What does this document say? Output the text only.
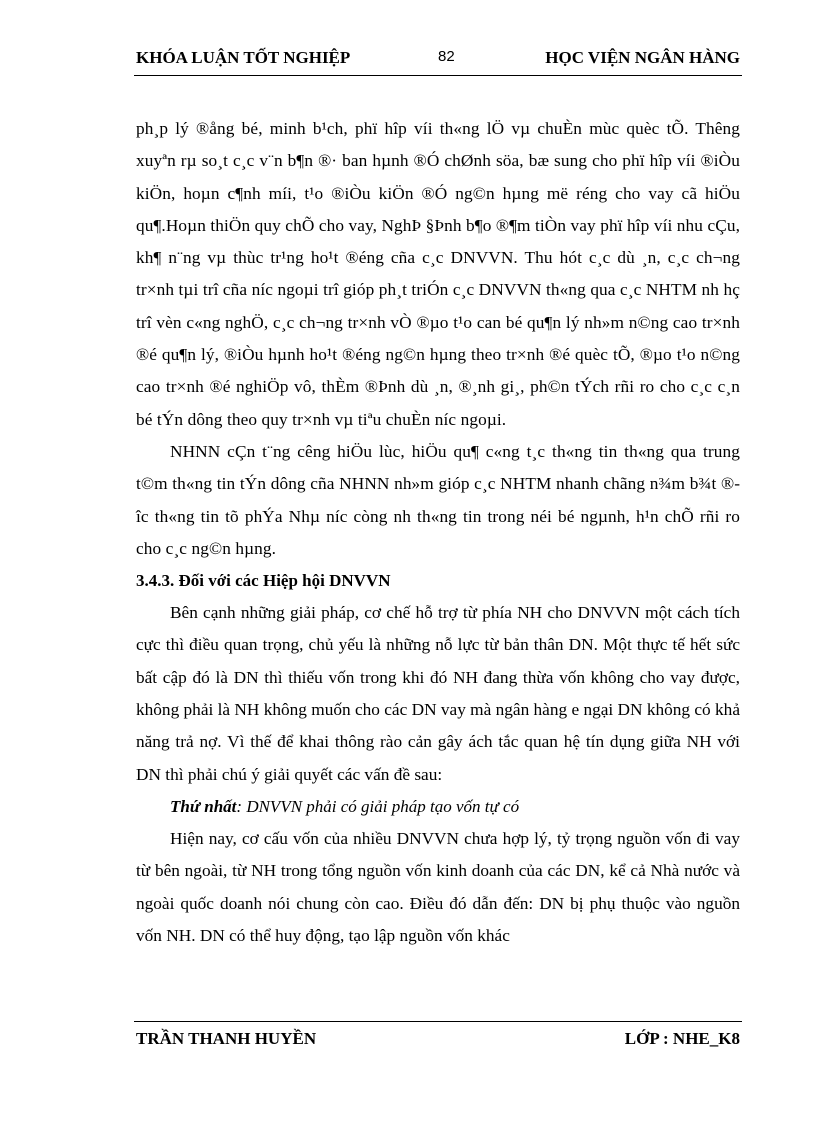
KHÓA LUẬN TỐT NGHIỆP	82	HỌC VIỆN NGÂN HÀNG

ph¸p lý ®ång bé, minh b¹ch, phï hîp víi th«ng lÖ vµ chuÈn mùc quèc tÕ. Thêng xuyªn rµ so¸t c¸c v¨n b¶n ®· ban hµnh ®Ó chØnh söa, bæ sung cho phï hîp víi ®iÒu kiÖn, hoµn c¶nh míi, t¹o ®iÒu kiÖn ®Ó ng©n hµng më réng cho vay cã hiÖu qu¶.Hoµn thiÖn quy chÕ cho vay, NghÞ §Þnh b¶o ®¶m tiÒn vay phï hîp víi nhu cÇu, kh¶ n¨ng vµ thùc tr¹ng ho¹t ®éng cña c¸c DNVVN. Thu hót c¸c dù ¸n, c¸c ch¬ng tr×nh tµi trî cña níc ngoµi trî gióp ph¸t triÓn c¸c DNVVN th«ng qua c¸c NHTM nh hç trî vèn c«ng nghÖ, c¸c ch¬ng tr×nh vÒ ®µo t¹o can bé qu¶n lý nh»m n©ng cao tr×nh ®é qu¶n lý, ®iÒu hµnh ho¹t ®éng ng©n hµng theo tr×nh ®é quèc tÕ, ®µo t¹o n©ng cao tr×nh ®é nghiÖp vô, thÈm ®Þnh dù ¸n, ®¸nh gi¸, ph©n tÝch rñi ro cho c¸c c¸n bé tÝn dông theo quy tr×nh vµ tiªu chuÈn níc ngoµi.

NHNN cÇn t¨ng cêng hiÖu lùc, hiÖu qu¶ c«ng t¸c th«ng tin th«ng qua trung t©m th«ng tin tÝn dông cña NHNN nh»m gióp c¸c NHTM nhanh chãng n¾m b¾t ®îc th«ng tin tõ phÝa Nhµ níc còng nh th«ng tin trong néi bé ngµnh, h¹n chÕ rñi ro cho c¸c ng©n hµng.

3.4.3. Đối với các Hiệp hội DNVVN

Bên cạnh những giải pháp, cơ chế hỗ trợ từ phía NH cho DNVVN một cách tích cực thì điều quan trọng, chủ yếu là những nỗ lực từ bản thân DN. Một thực tế hết sức bất cập đó là DN thì thiếu vốn trong khi đó NH đang thừa vốn không cho vay được, không phải là NH không muốn cho các DN vay mà ngân hàng e ngại DN không có khả năng trả nợ. Vì thế để khai thông rào cản gây ách tắc quan hệ tín dụng giữa NH với DN thì phải chú ý giải quyết các vấn đề sau:

Thứ nhất: DNVVN phải có giải pháp tạo vốn tự có

Hiện nay, cơ cấu vốn của nhiều DNVVN chưa hợp lý, tỷ trọng nguồn vốn đi vay từ bên ngoài, từ NH trong tổng nguồn vốn kinh doanh của các DN, kể cả Nhà nước và ngoài quốc doanh nói chung còn cao. Điều đó dẫn đến: DN bị phụ thuộc vào nguồn vốn NH. DN có thể huy động, tạo lập nguồn vốn khác

TRẦN THANH HUYỀN	LỚP : NHE_K8
